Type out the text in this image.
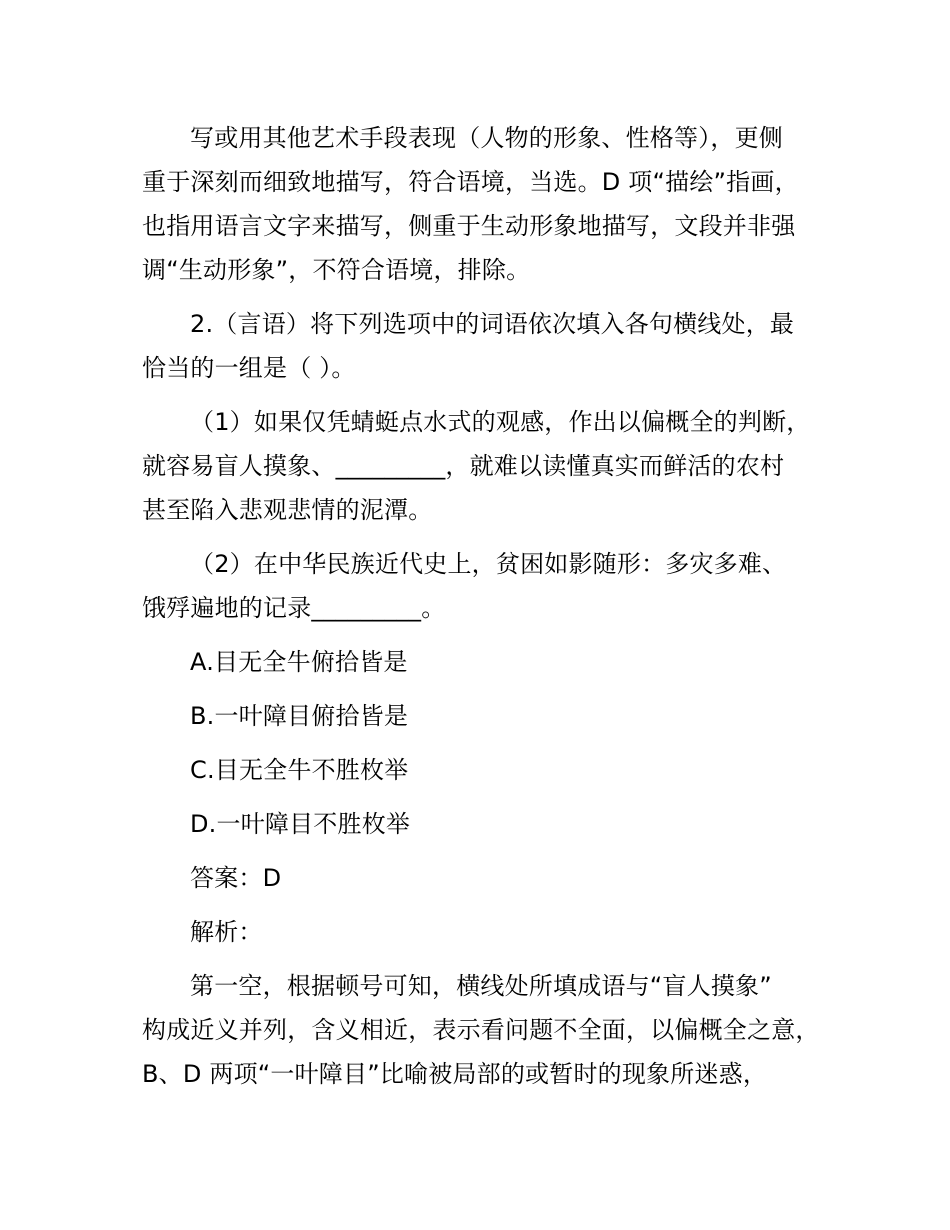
写或用其他艺术手段表现（人物的形象、性格等），更侧
重于深刻而细致地描写，符合语境，当选。D 项“描绘”指画，
也指用语言文字来描写，侧重于生动形象地描写，文段并非强
调“生动形象”，不符合语境，排除。
2.（言语）将下列选项中的词语依次填入各句横线处，最
恰当的一组是（ ）。
（1）如果仅凭蜻蜓点水式的观感，作出以偏概全的判断，
就容易盲人摸象、_________，就难以读懂真实而鲜活的农村
甚至陷入悲观悲情的泥潭。
（2）在中华民族近代史上，贫困如影随形：多灾多难、
饿殍遍地的记录_________。
A.目无全牛俯拾皆是
B.一叶障目俯拾皆是
C.目无全牛不胜枚举
D.一叶障目不胜枚举
答案：D
解析：
第一空，根据顿号可知，横线处所填成语与“盲人摸象”
构成近义并列，含义相近，表示看问题不全面，以偏概全之意，
B、D 两项“一叶障目”比喻被局部的或暂时的现象所迷惑，
